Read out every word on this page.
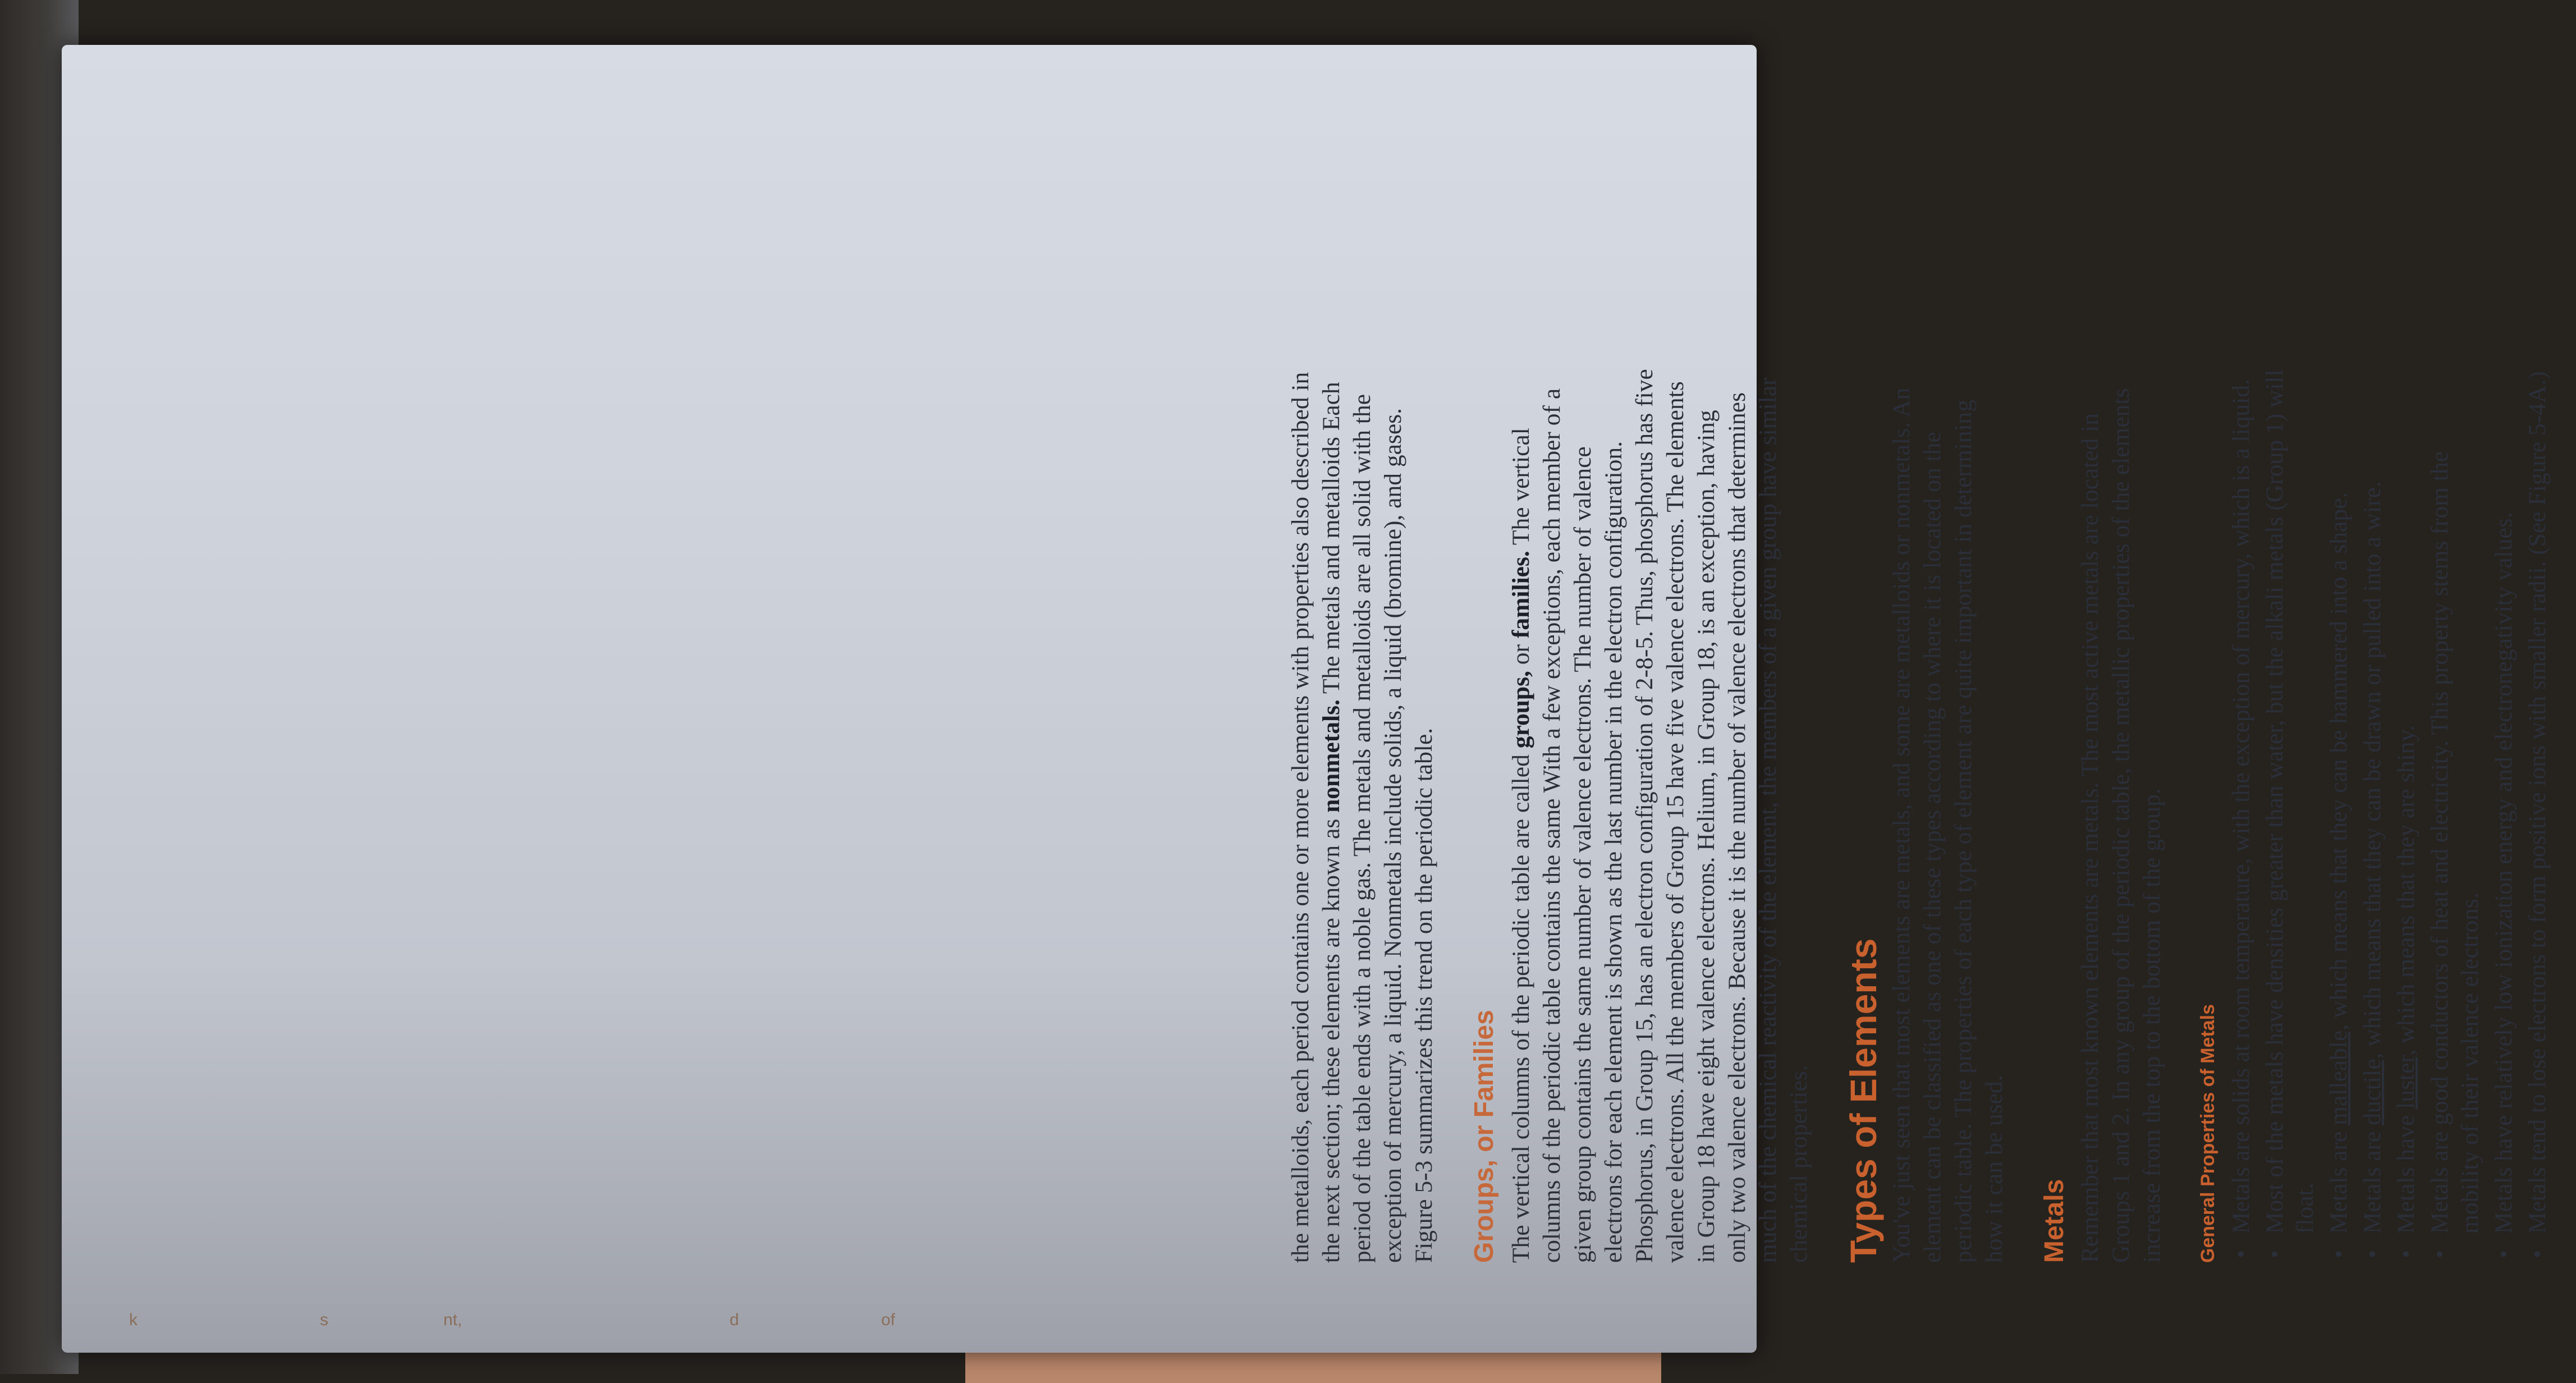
k	s	nt,	d	of

the metalloids, each period contains one or more elements with properties also described in the next section; these elements are known as nonmetals. The metals and metalloids Each period of the table ends with a noble gas. The metals and metalloids are all solid with the exception of mercury, a liquid. Nonmetals include solids, a liquid (bromine), and gases. Figure 5-3 summarizes this trend on the periodic table. Groups, or Families The vertical columns of the periodic table are called groups, or families. The vertical columns of the periodic table contains the same With a few exceptions, each member of a given group contains the same number of valence electrons. The number of valence electrons for each element is shown as the last number in the electron configuration. Phosphorus, in Group 15, has an electron configuration of 2-8-5. Thus, phosphorus has five valence electrons. All the members of Group 15 have five valence electrons. The elements in Group 18 have eight valence electrons. Helium, in Group 18, is an exception, having only two valence electrons. Because it is the number of valence electrons that determines much of the chemical reactivity of the element, the members of a given group have similar chemical properties. Types of Elements You've just seen that most elements are metals, and some are metalloids or nonmetals. An element can be classified as one of these types according to where it is located on the periodic table. The properties of each type of element are quite important in determining how it can be used. Metals Remember that most known elements are metals. The most active metals are located in Groups 1 and 2. In any group of the periodic table, the metallic properties of the elements increase from the top to the bottom of the group. General Properties of Metals •
Metals are solids at room temperature, with the exception of mercury, which is a liquid.
•
Most of the metals have densities greater than water, but the alkali metals (Group 1) will float.
•
Metals are malleable, which means that they can be hammered into a shape.
•
Metals are ductile, which means that they can be drawn or pulled into a wire.
•
Metals have luster, which means that they are shiny.
•
Metals are good conductors of heat and electricity. This property stems from the mobility of their valence electrons.
•
Metals have relatively low ionization energy and electronegativity values.
•
Metals tend to lose electrons to form positive ions with smaller radii. (See Figure 5-4A.)
